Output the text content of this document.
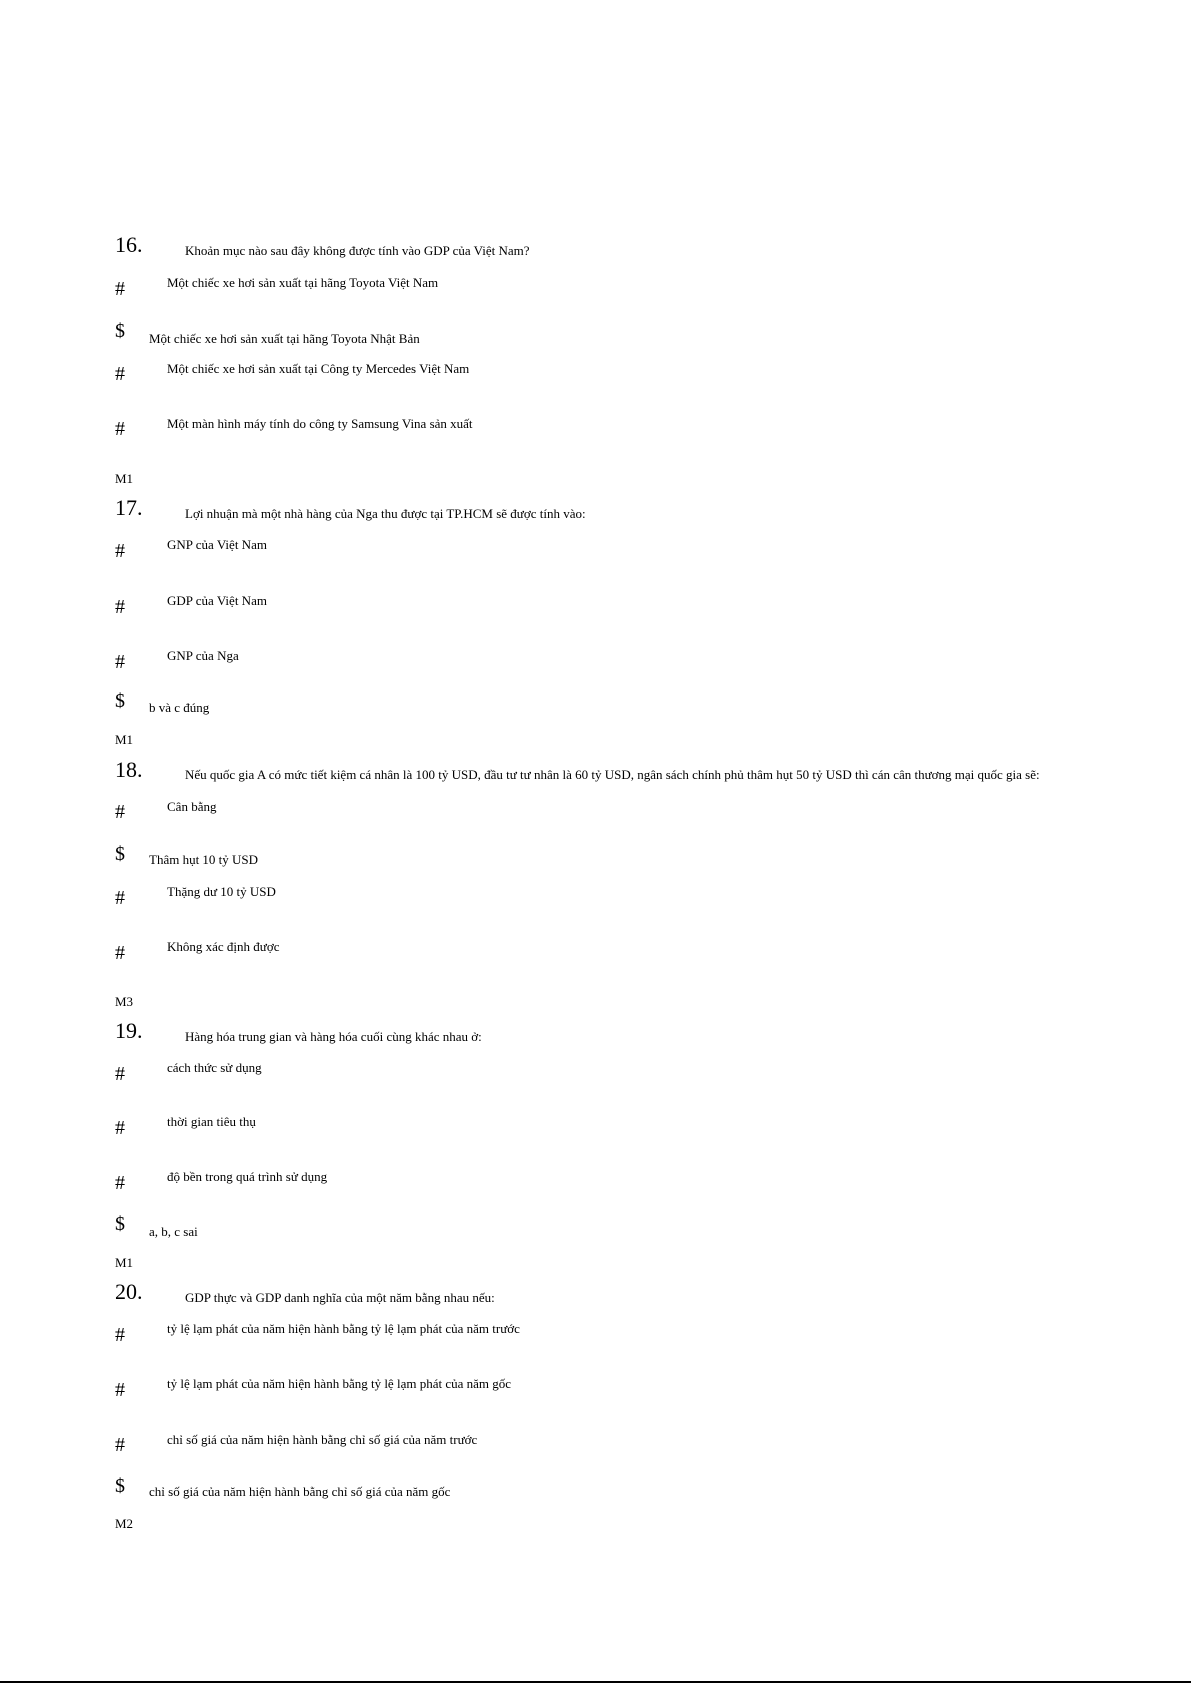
16.	Khoản mục nào sau đây không được tính vào GDP của Việt Nam?
#	Một chiếc xe hơi sản xuất tại hãng Toyota Việt Nam
$ Một chiếc xe hơi sản xuất tại hãng Toyota Nhật Bản
#	Một chiếc xe hơi sản xuất tại Công ty Mercedes Việt Nam
#	Một màn hình máy tính do công ty Samsung Vina sản xuất
M1
17.	Lợi nhuận mà một nhà hàng của Nga thu được tại TP.HCM sẽ được tính vào:
#	GNP của Việt Nam
#	GDP của Việt Nam
#	GNP của Nga
$ b và c đúng
M1
18.	Nếu quốc gia A có mức tiết kiệm cá nhân là 100 tỷ USD, đầu tư tư nhân là 60 tỷ USD, ngân sách chính phủ thâm hụt 50 tỷ USD thì cán cân thương mại quốc gia sẽ:
#	Cân bằng
$ Thâm hụt 10 tỷ USD
#	Thặng dư 10 tỷ USD
#	Không xác định được
M3
19.	Hàng hóa trung gian và hàng hóa cuối cùng khác nhau ở:
#	cách thức sử dụng
#	thời gian tiêu thụ
#	độ bền trong quá trình sử dụng
$ a, b, c sai
M1
20.	GDP thực và GDP danh nghĩa của một năm bằng nhau nếu:
#	tỷ lệ lạm phát của năm hiện hành bằng tỷ lệ lạm phát của năm trước
#	tỷ lệ lạm phát của năm hiện hành bằng tỷ lệ lạm phát của năm gốc
#	chỉ số giá của năm hiện hành bằng chỉ số giá của năm trước
$ chỉ số giá của năm hiện hành bằng chỉ số giá của năm gốc
M2
